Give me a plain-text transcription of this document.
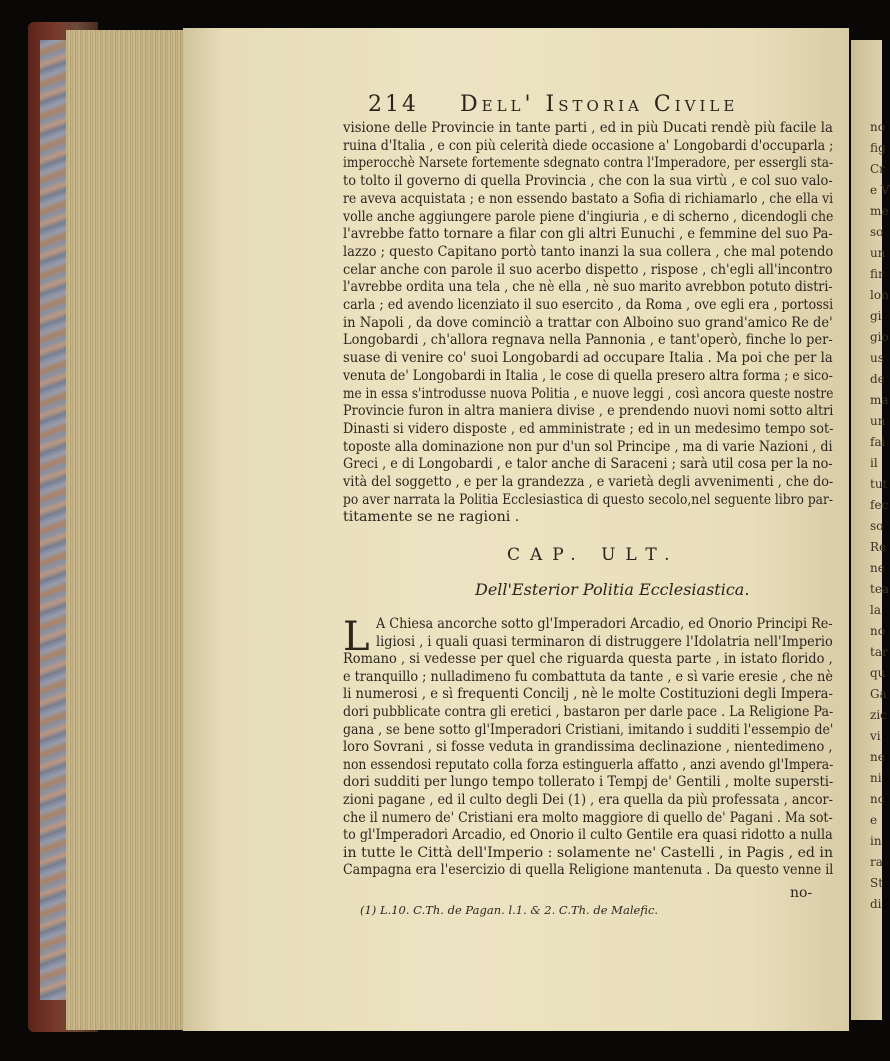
no
fig
Cr
e V
me
so
un
fir
lon
gi
gio
us
de
ma
un
fai
il
tut
fec
so
Re
ne
tea
la
no
tar
qu
Ga
zic
vi
ne
ni
nc
e
in
ra
St
di
214 Dell' Istoria Civile
visione delle Provincie in tante parti , ed in più Ducati rendè più facile la
ruina d'Italia , e con più celerità diede occasione a' Longobardi d'occuparla ;
imperocchè Narsete fortemente sdegnato contra l'Imperadore, per essergli sta-
to tolto il governo di quella Provincia , che con la sua virtù , e col suo valo-
re aveva acquistata ; e non essendo bastato a Sofia di richiamarlo , che ella vi
volle anche aggiungere parole piene d'ingiuria , e di scherno , dicendogli che
l'avrebbe fatto tornare a filar con gli altri Eunuchi , e femmine del suo Pa-
lazzo ; questo Capitano portò tanto inanzi la sua collera , che mal potendo
celar anche con parole il suo acerbo dispetto , rispose , ch'egli all'incontro
l'avrebbe ordita una tela , che nè ella , nè suo marito avrebbon potuto distri-
carla ; ed avendo licenziato il suo esercito , da Roma , ove egli era , portossi
in Napoli , da dove cominciò a trattar con Alboino suo grand'amico Re de'
Longobardi , ch'allora regnava nella Pannonia , e tant'operò, finche lo per-
suase di venire co' suoi Longobardi ad occupare Italia . Ma poi che per la
venuta de' Longobardi in Italia , le cose di quella presero altra forma ; e sico-
me in essa s'introdusse nuova Politia , e nuove leggi , così ancora queste nostre
Provincie furon in altra maniera divise , e prendendo nuovi nomi sotto altri
Dinasti si videro disposte , ed amministrate ; ed in un medesimo tempo sot-
toposte alla dominazione non pur d'un sol Principe , ma di varie Nazioni , di
Greci , e di Longobardi , e talor anche di Saraceni ; sarà util cosa per la no-
vità del soggetto , e per la grandezza , e varietà degli avvenimenti , che do-
po aver narrata la Politia Ecclesiastica di questo secolo,nel seguente libro par-
titamente se ne ragioni .
CAP. ULT.
Dell'Esterior Politia Ecclesiastica.
L A Chiesa ancorche sotto gl'Imperadori Arcadio, ed Onorio Principi Re-
ligiosi , i quali quasi terminaron di distruggere l'Idolatria nell'Imperio
Romano , si vedesse per quel che riguarda questa parte , in istato florido ,
e tranquillo ; nulladimeno fu combattuta da tante , e sì varie eresie , che nè
li numerosi , e sì frequenti Concilj , nè le molte Costituzioni degli Impera-
dori pubblicate contra gli eretici , bastaron per darle pace . La Religione Pa-
gana , se bene sotto gl'Imperadori Cristiani, imitando i sudditi l'essempio de'
loro Sovrani , si fosse veduta in grandissima declinazione , nientedimeno ,
non essendosi reputato colla forza estinguerla affatto , anzi avendo gl'Impera-
dori sudditi per lungo tempo tollerato i Tempj de' Gentili , molte supersti-
zioni pagane , ed il culto degli Dei (1) , era quella da più professata , ancor-
che il numero de' Cristiani era molto maggiore di quello de' Pagani . Ma sot-
to gl'Imperadori Arcadio, ed Onorio il culto Gentile era quasi ridotto a nulla
in tutte le Città dell'Imperio : solamente ne' Castelli , in Pagis , ed in
Campagna era l'esercizio di quella Religione mantenuta . Da questo venne il
no-
(1) L.10. C.Th. de Pagan. l.1. & 2. C.Th. de Malefic.
